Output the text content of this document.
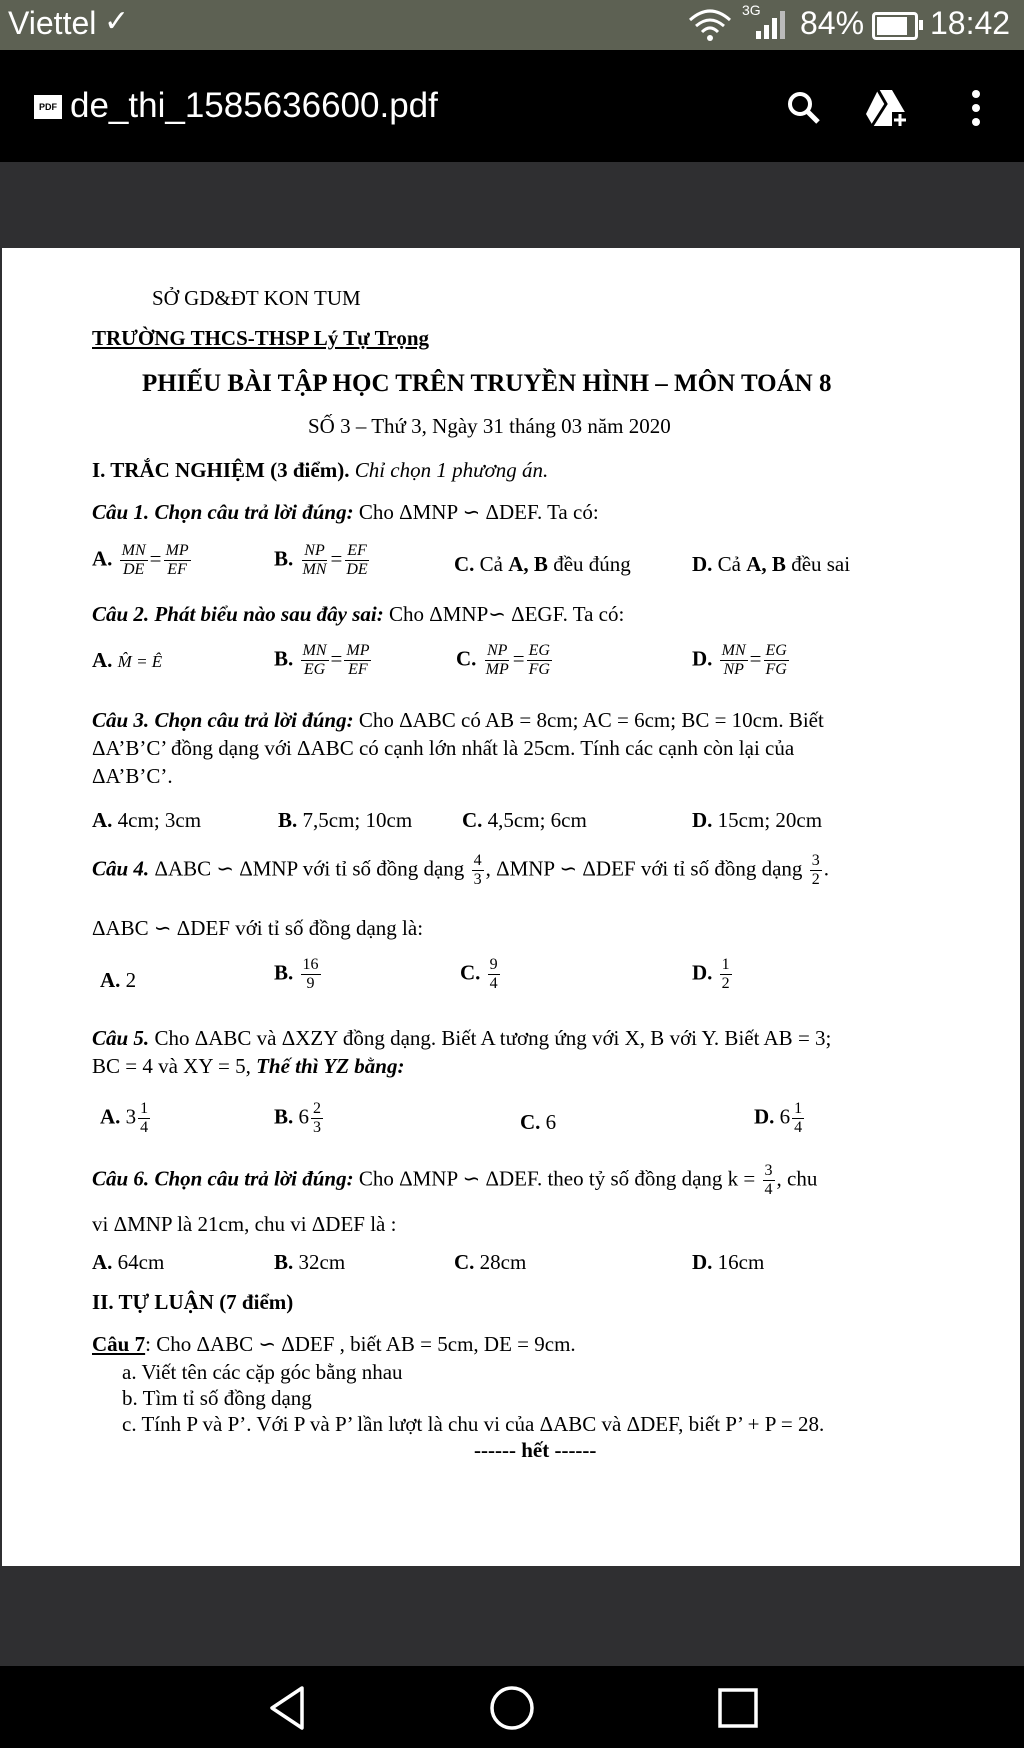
Viettel ✓	3G 84% 18:42
PDF de_thi_1585636600.pdf
SỞ GD&ĐT KON TUM
TRƯỜNG THCS-THSP Lý Tự Trọng
PHIẾU BÀI TẬP HỌC TRÊN TRUYỀN HÌNH – MÔN TOÁN 8
SỐ 3 – Thứ 3, Ngày 31 tháng 03 năm 2020
I. TRẮC NGHIỆM (3 điểm). Chỉ chọn 1 phương án.
Câu 1. Chọn câu trả lời đúng: Cho ΔMNP ∽ ΔDEF. Ta có:
A. $\frac{MN}{DE} = \frac{MP}{EF}$	B. $\frac{NP}{MN} = \frac{EF}{DE}$	C. Cả A, B đều đúng	D. Cả A, B đều sai
Câu 2. Phát biểu nào sau đây sai: Cho ΔMNP∽ ΔEGF. Ta có:
A. M̂ = Ê	B. $\frac{MN}{EG} = \frac{MP}{EF}$	C. $\frac{NP}{MP} = \frac{EG}{FG}$	D. $\frac{MN}{NP} = \frac{EG}{FG}$
Câu 3. Chọn câu trả lời đúng: Cho ΔABC có AB = 8cm; AC = 6cm; BC = 10cm. Biết
ΔA’B’C’ đồng dạng với ΔABC có cạnh lớn nhất là 25cm. Tính các cạnh còn lại của
ΔA’B’C’.
A. 4cm; 3cm	B. 7,5cm; 10cm C. 4,5cm; 6cm	D. 15cm; 20cm
Câu 4. ΔABC ∽ ΔMNP với tỉ số đồng dạng $\frac{4}{3}$ , ΔMNP ∽ ΔDEF với tỉ số đồng dạng $\frac{3}{2}$ .
ΔABC ∽ ΔDEF với tỉ số đồng dạng là:
A. 2	B. $\frac{16}{9}$	C. $\frac{9}{4}$	D. $\frac{1}{2}$
Câu 5. Cho ΔABC và ΔXZY đồng dạng. Biết A tương ứng với X, B với Y. Biết AB = 3;
BC = 4 và XY = 5, Thế thì YZ bằng:
A. $3 \frac{1}{4}$	B. $6 \frac{2}{3}$	C. 6	D. $6 \frac{1}{4}$
Câu 6. Chọn câu trả lời đúng: Cho ΔMNP ∽ ΔDEF. theo tỷ số đồng dạng $k = \frac{3}{4}$ , chu
vi ΔMNP là 21cm, chu vi ΔDEF là :
A. 64cm	B. 32cm	C. 28cm	D. 16cm
II. TỰ LUẬN (7 điểm)
Câu 7: Cho ΔABC ∽ ΔDEF , biết AB = 5cm, DE = 9cm.
a. Viết tên các cặp góc bằng nhau
b. Tìm tỉ số đồng dạng
c. Tính P và P’. Với P và P’ lần lượt là chu vi của ΔABC và ΔDEF, biết P’ + P = 28.
------ hết ------
